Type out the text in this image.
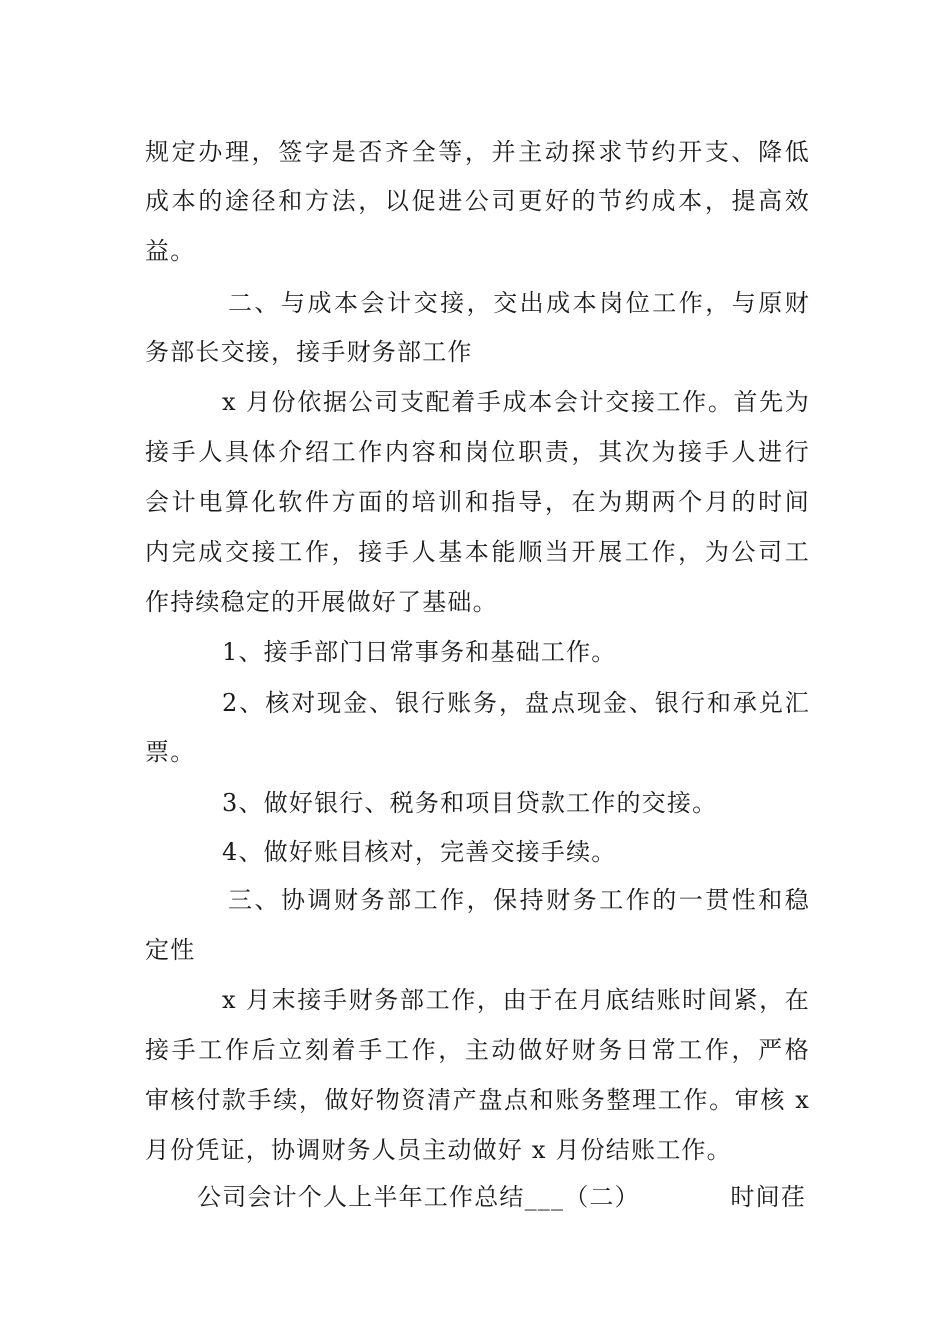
规定办理，签字是否齐全等，并主动探求节约开支、降低
成本的途径和方法，以促进公司更好的节约成本，提高效
益。
二、与成本会计交接，交出成本岗位工作，与原财
务部长交接，接手财务部工作
x 月份依据公司支配着手成本会计交接工作。首先为
接手人具体介绍工作内容和岗位职责，其次为接手人进行
会计电算化软件方面的培训和指导，在为期两个月的时间
内完成交接工作，接手人基本能顺当开展工作，为公司工
作持续稳定的开展做好了基础。
1、接手部门日常事务和基础工作。
2、核对现金、银行账务，盘点现金、银行和承兑汇
票。
3、做好银行、税务和项目贷款工作的交接。
4、做好账目核对，完善交接手续。
三、协调财务部工作，保持财务工作的一贯性和稳
定性
x 月末接手财务部工作，由于在月底结账时间紧，在
接手工作后立刻着手工作，主动做好财务日常工作，严格
审核付款手续，做好物资清产盘点和账务整理工作。审核 x
月份凭证，协调财务人员主动做好 x 月份结账工作。
公司会计个人上半年工作总结___（二）	时间荏
